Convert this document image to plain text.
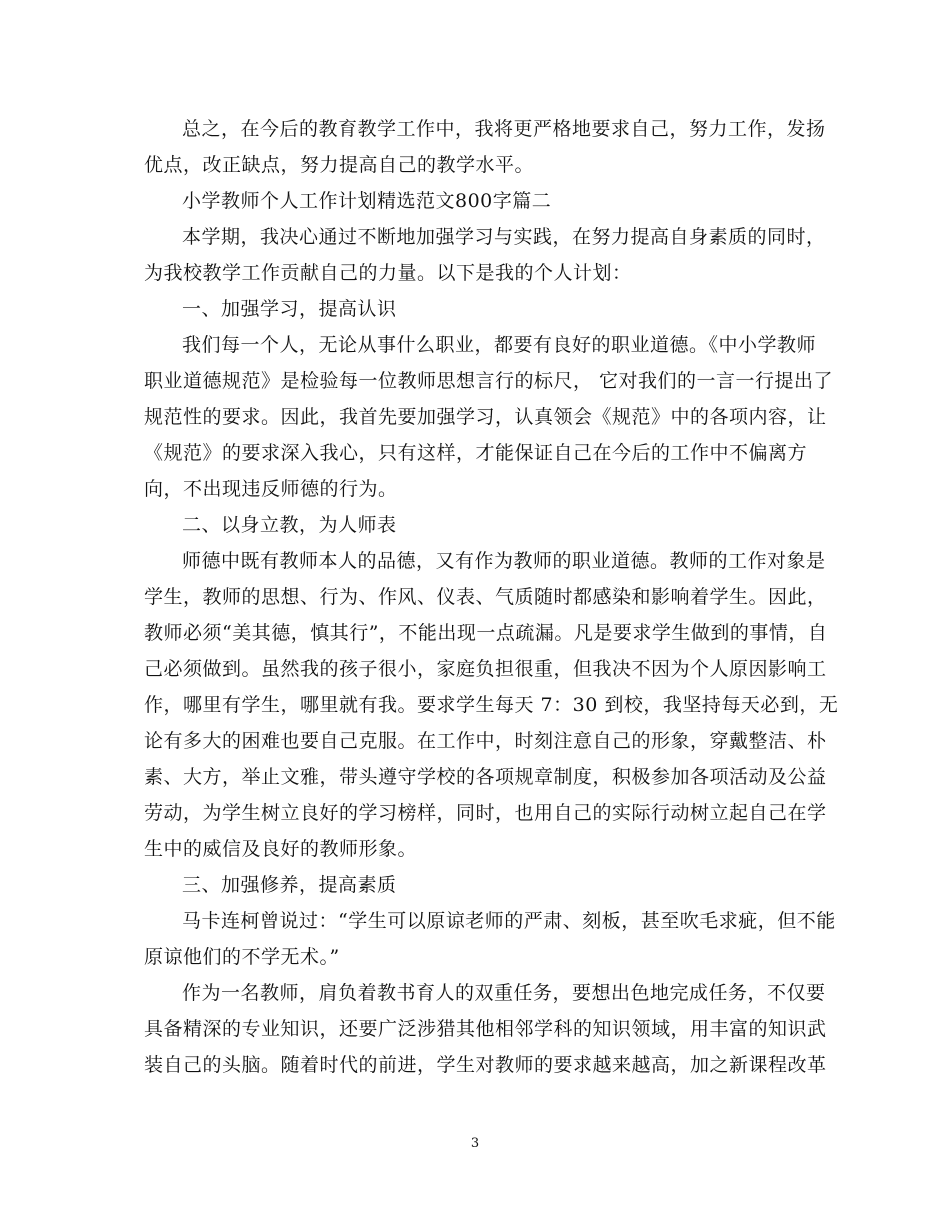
总之，在今后的教育教学工作中，我将更严格地要求自己，努力工作，发扬
优点，改正缺点，努力提高自己的教学水平。
小学教师个人工作计划精选范文800字篇二
本学期，我决心通过不断地加强学习与实践，在努力提高自身素质的同时，
为我校教学工作贡献自己的力量。以下是我的个人计划：
一、加强学习，提高认识
我们每一个人，无论从事什么职业，都要有良好的职业道德。《中小学教师
职业道德规范》是检验每一位教师思想言行的标尺， 它对我们的一言一行提出了
规范性的要求。因此，我首先要加强学习，认真领会《规范》中的各项内容，让
《规范》的要求深入我心，只有这样，才能保证自己在今后的工作中不偏离方
向，不出现违反师德的行为。
二、以身立教，为人师表
师德中既有教师本人的品德，又有作为教师的职业道德。教师的工作对象是
学生，教师的思想、行为、作风、仪表、气质随时都感染和影响着学生。因此，
教师必须“美其德，慎其行”，不能出现一点疏漏。凡是要求学生做到的事情，自
己必须做到。虽然我的孩子很小，家庭负担很重，但我决不因为个人原因影响工
作，哪里有学生，哪里就有我。要求学生每天 7：30 到校，我坚持每天必到，无
论有多大的困难也要自己克服。在工作中，时刻注意自己的形象，穿戴整洁、朴
素、大方，举止文雅，带头遵守学校的各项规章制度，积极参加各项活动及公益
劳动，为学生树立良好的学习榜样，同时，也用自己的实际行动树立起自己在学
生中的威信及良好的教师形象。
三、加强修养，提高素质
马卡连柯曾说过：“学生可以原谅老师的严肃、刻板，甚至吹毛求疵，但不能
原谅他们的不学无术。”
作为一名教师，肩负着教书育人的双重任务，要想出色地完成任务，不仅要
具备精深的专业知识，还要广泛涉猎其他相邻学科的知识领域，用丰富的知识武
装自己的头脑。随着时代的前进，学生对教师的要求越来越高，加之新课程改革
3
